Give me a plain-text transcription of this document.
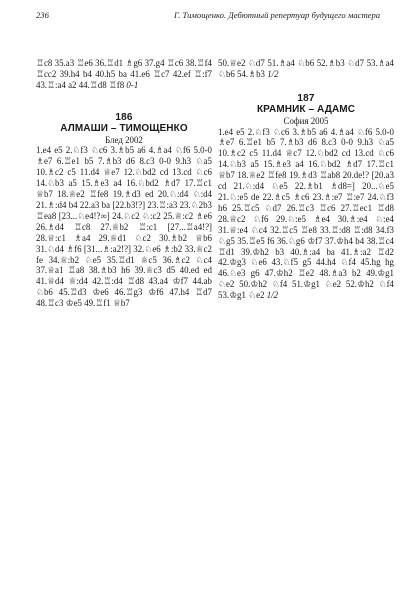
236	Г. Тимощенко. Дебютный репертуар будущего мастера

♖c8 35.a3 ♖e6 36.♖d1 ♗g6 37.g4 ♖c6 38.♖f4 ♖cc2 39.h4 b4 40.h5 ba 41.e6 ♖c7 42.ef ♖:f7 43.♖:a4 a2 44.♖d8 ♖f8 0-1

186

АЛМАШИ – ТИМОЩЕНКО

Блед 2002

1.e4 e5 2.♘f3 ♘c6 3.♗b5 a6 4.♗a4 ♘f6 5.0-0 ♗e7 6.♖e1 b5 7.♗b3 d6 8.c3 0-0 9.h3 ♘a5 10.♗c2 c5 11.d4 ♕e7 12.♘bd2 cd 13.cd ♘c6 14.♘b3 a5 15.♗e3 a4 16.♘bd2 ♗d7 17.♖c1 ♕b7 18.♕e2 ♖fe8 19.♗d3 ed 20.♘:d4 ♘:d4 21.♗:d4 b4 22.a3 ba [22.b3!?] 23.♖:a3 23.♘2b3 ♖ea8 [23...♘e4!?∞] 24.♘c2 ♘:c2 25.♕:c2 ♗e6 26.♗d4 ♖c8 27.♕b2 ♖:c1 [27...♖a4!?] 28.♕:c1 ♗a4 29.♕d1 ♘c2 30.♗b2 ♕b6 31.♘d4 ♗f6 [31...♗:a2!?] 32.♘e6 ♗:b2 33.♕c2 fe 34.♕:b2 ♘e5 35.♖d1 ♕c5 36.♗c2 ♘c4 37.♕a1 ♖a8 38.♗b3 h6 39.♕c3 d5 40.ed ed 41.♕d4 ♕:d4 42.♖:d4 ♖d8 43.a4 ♔f7 44.ab ♘b6 45.♖d3 ♔e6 46.♖g3 ♔f6 47.h4 ♖d7 48.♖c3 ♔e5 49.♖f1 ♕b7

50.♕e2 ♘d7 51.♗a4 ♘b6 52.♗b3 ♘d7 53.♗a4 ♘b6 54.♗b3 1/2

187

КРАМНИК – АДАМС

София 2005

1.e4 e5 2.♘f3 ♘c6 3.♗b5 a6 4.♗a4 ♘f6 5.0-0 ♗e7 6.♖e1 b5 7.♗b3 d6 8.c3 0-0 9.h3 ♘a5 10.♗c2 c5 11.d4 ♕c7 12.♘bd2 cd 13.cd ♘c6 14.♘b3 a5 15.♗e3 a4 16.♘bd2 ♗d7 17.♖c1 ♕b7 18.♕e2 ♖fe8 19.♗d3 ♖ab8 20.de!? [20.a3 cd 21.♘:d4 ♘e5 22.♗b1 ♗d8=] 20...♘e5 21.♘:e5 de 22.♗c5 ♗c6 23.♗:e7 ♖:e7 24.♘f3 h6 25.♖c5 ♘d7 26.♖c3 ♖c6 27.♖ec1 ♖d8 28.♕c2 ♘f6 29.♘:e5 ♗e4 30.♗:e4 ♘:e4 31.♕:e4 ♘c4 32.♖c5 ♖e8 33.♖:d8 ♖:d8 34.f3 ♘g5 35.♖e5 f6 36.♘g6 ♔f7 37.♔h4 b4 38.♖c4 ♖d1 39.♔h2 b3 40.♗:a4 ba 41.♗:a2 ♖d2 42.♔g3 ♘e6 43.♘f5 g5 44.h4 ♘f4 45.hg hg 46.♘e3 g6 47.♔h2 ♖e2 48.♗a3 b2 49.♔g1 ♘e2 50.♔h2 ♘f4 51.♔g1 ♘e2 52.♔h2 ♘f4 53.♔g1 ♘e2 1/2
